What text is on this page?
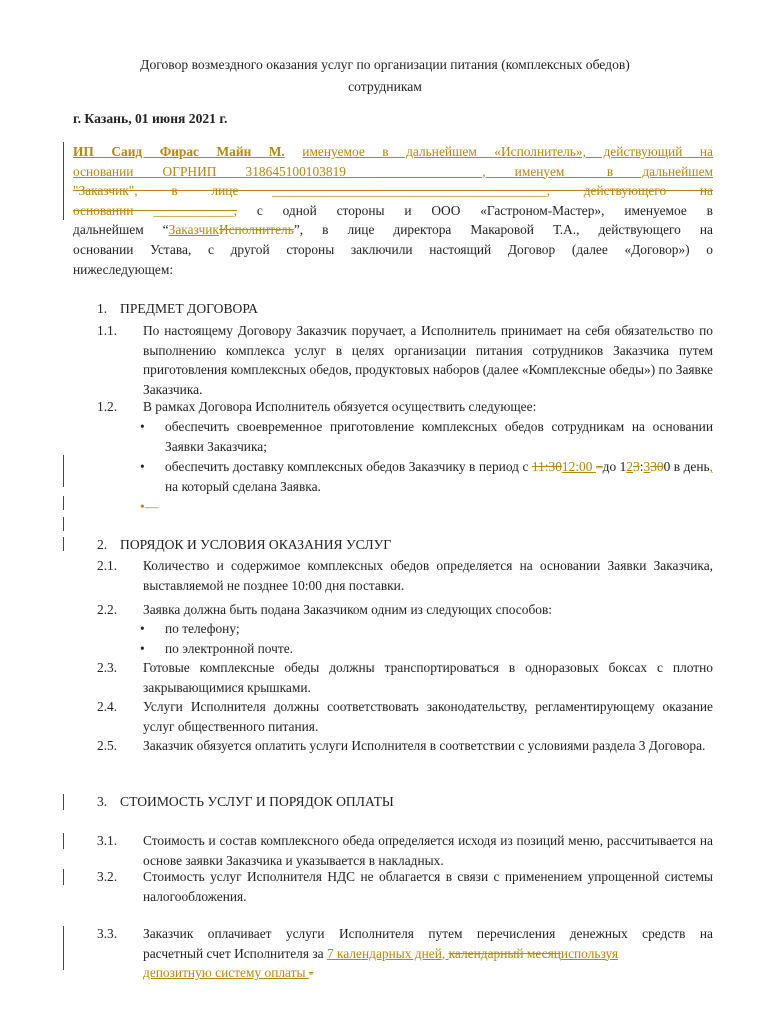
Договор возмездного оказания услуг по организации питания (комплексных обедов)
сотрудникам
г. Казань, 01 июня 2021 г.
ИП Саид Фирас Майн М. именуемое в дальнейшем «Исполнитель», действующий на
основании ОГРНИП 318645100103819 ________________, именуем__ в дальнейшем
"Заказчик", в лице _________________________________________, действующего на
основании ____________, с одной стороны и ООО «Гастроном-Мастер», именуемое в
дальнейшем “ЗаказчикИсполнитель”, в лице директора Макаровой Т.А., действующего на
основании Устава, с другой стороны заключили настоящий Договор (далее «Договор») о
нижеследующем:
1. ПРЕДМЕТ ДОГОВОРА
1.1. По настоящему Договору Заказчик поручает, а Исполнитель принимает на себя обязательство по выполнению комплекса услуг в целях организации питания сотрудников Заказчика путем приготовления комплексных обедов, продуктовых наборов (далее «Комплексные обеды») по Заявке Заказчика.
1.2. В рамках Договора Исполнитель обязуется осуществить следующее:
• обеспечить своевременное приготовление комплексных обедов сотрудникам на основании Заявки Заказчика;
• обеспечить доставку комплексных обедов Заказчику в период с 11:3012:00 –до 123:3300 в день, на который сделана Заявка.
•—
2. ПОРЯДОК И УСЛОВИЯ ОКАЗАНИЯ УСЛУГ
2.1. Количество и содержимое комплексных обедов определяется на основании Заявки Заказчика, выставляемой не позднее 10:00 дня поставки.
2.2. Заявка должна быть подана Заказчиком одним из следующих способов:
• по телефону;
• по электронной почте.
2.3. Готовые комплексные обеды должны транспортироваться в одноразовых боксах с плотно закрывающимися крышками.
2.4. Услуги Исполнителя должны соответствовать законодательству, регламентирующему оказание услуг общественного питания.
2.5. Заказчик обязуется оплатить услуги Исполнителя в соответствии с условиями раздела 3 Договора.
3. СТОИМОСТЬ УСЛУГ И ПОРЯДОК ОПЛАТЫ
3.1. Стоимость и состав комплексного обеда определяется исходя из позиций меню, рассчитывается на основе заявки Заказчика и указывается в накладных.
3.2. Стоимость услуг Исполнителя НДС не облагается в связи с применением упрощенной системы налогообложения.
3.3. Заказчик оплачивает услуги Исполнителя путем перечисления денежных средств на
расчетный счет Исполнителя за 7 календарных дней, календарный месяциспользуя
депозитную систему оплаты -
